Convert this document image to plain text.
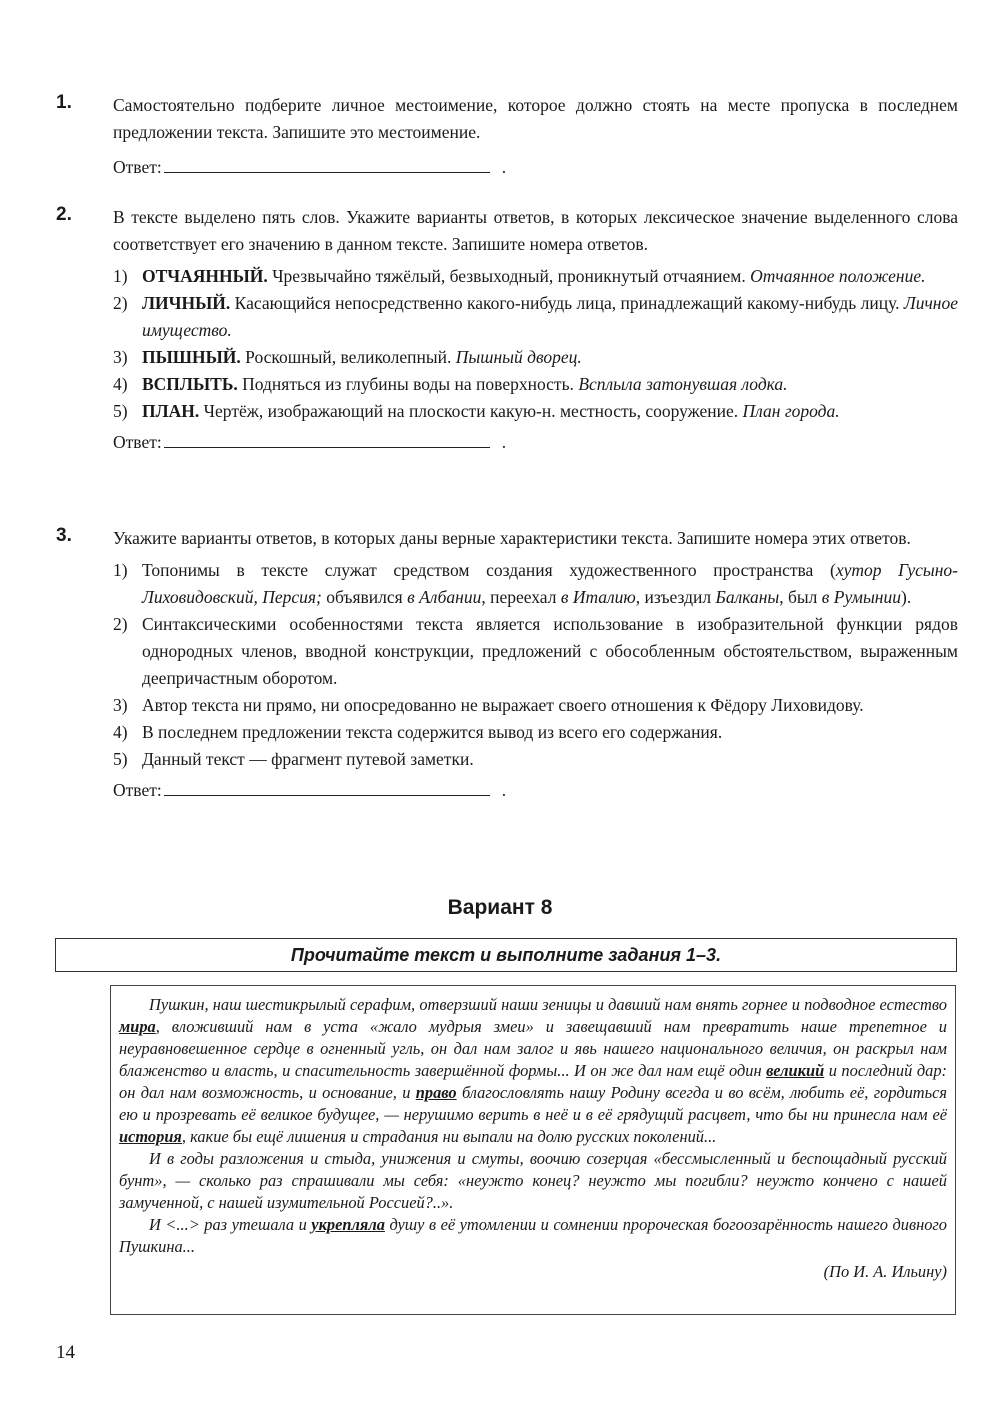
1. Самостоятельно подберите личное местоимение, которое должно стоять на месте пропуска в последнем предложении текста. Запишите это местоимение.

Ответ:	.
2. В тексте выделено пять слов. Укажите варианты ответов, в которых лексическое значение выделенного слова соответствует его значению в данном тексте. Запишите номера ответов.

1) ОТЧАЯННЫЙ. Чрезвычайно тяжёлый, безвыходный, проникнутый отчаянием. Отчаянное положение.
2) ЛИЧНЫЙ. Касающийся непосредственно какого-нибудь лица, принадлежащий какому-нибудь лицу. Личное имущество.
3) ПЫШНЫЙ. Роскошный, великолепный. Пышный дворец.
4) ВСПЛЫТЬ. Подняться из глубины воды на поверхность. Всплыла затонувшая лодка.
5) ПЛАН. Чертёж, изображающий на плоскости какую-н. местность, сооружение. План города.
Ответ:	.
3. Укажите варианты ответов, в которых даны верные характеристики текста. Запишите номера этих ответов.

1) Топонимы в тексте служат средством создания художественного пространства (хутор Гусыно-Лиховидовский, Персия; объявился в Албании, переехал в Италию, изъездил Балканы, был в Румынии).
2) Синтаксическими особенностями текста является использование в изобразительной функции рядов однородных членов, вводной конструкции, предложений с обособленным обстоятельством, выраженным деепричастным оборотом.
3) Автор текста ни прямо, ни опосредованно не выражает своего отношения к Фёдору Лиховидову.
4) В последнем предложении текста содержится вывод из всего его содержания.
5) Данный текст — фрагмент путевой заметки.
Ответ:	.
Вариант 8
Прочитайте текст и выполните задания 1–3.

Пушкин, наш шестикрылый серафим, отверзший наши зеницы и давший нам внять горнее и подводное естество мира, вложивший нам в уста «жало мудрыя змеи» и завещавший нам превратить наше трепетное и неуравновешенное сердце в огненный угль, он дал нам залог и явь нашего национального величия, он раскрыл нам блаженство и власть, и спасительность завершённой формы... И он же дал нам ещё один великий и последний дар: он дал нам возможность, и основание, и право благословлять нашу Родину всегда и во всём, любить её, гордиться ею и прозревать её великое будущее, — нерушимо верить в неё и в её грядущий расцвет, что бы ни принесла нам её история, какие бы ещё лишения и страдания ни выпали на долю русских поколений...

И в годы разложения и стыда, унижения и смуты, воочию созерцая «бессмысленный и беспощадный русский бунт», — сколько раз спрашивали мы себя: «неужто конец? неужто мы погибли? неужто кончено с нашей замученной, с нашей изумительной Россией?..».

И <...> раз утешала и укрепляла душу в её утомлении и сомнении пророческая богоозарённость нашего дивного Пушкина...

(По И. А. Ильину)

14
